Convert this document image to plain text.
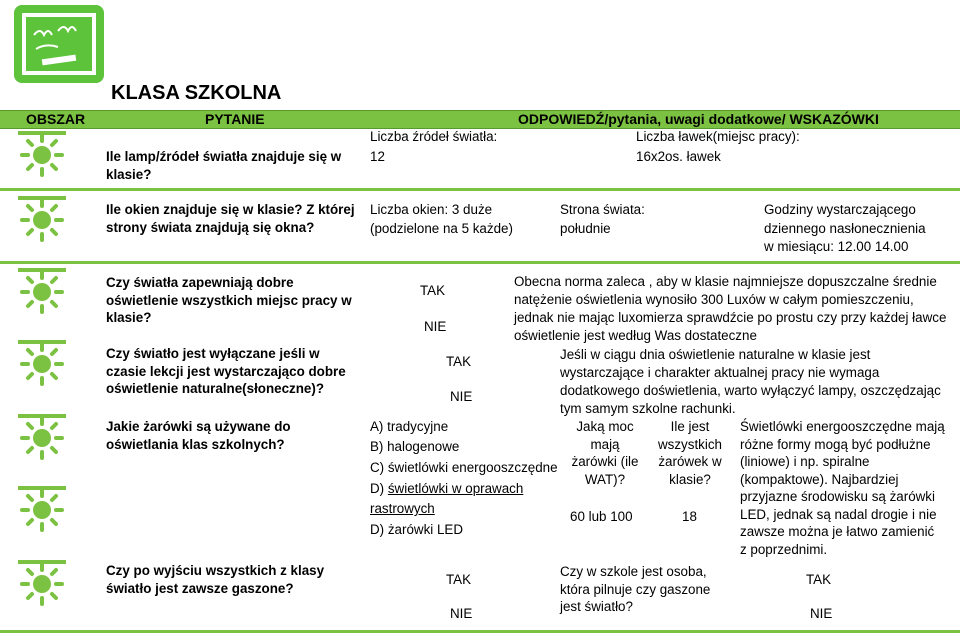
KLASA SZKOLNA
OBSZAR	PYTANIE	ODPOWIEDŹ/pytania, uwagi dodatkowe/ WSKAZÓWKI
Ile lamp/źródeł światła znajduje się w klasie?
Liczba źródeł światła:
12
Liczba ławek(miejsc pracy):
16x2os. ławek
Ile okien znajduje się w klasie? Z której strony świata znajdują się okna?
Liczba okien: 3 duże
(podzielone na 5 każde)
Strona świata:
południe
Godziny wystarczającego
dziennego nasłonecznienia
w miesiącu: 12.00 14.00
Czy światła zapewniają dobre oświetlenie wszystkich miejsc pracy w klasie?
Czy światło jest wyłączane jeśli w czasie lekcji jest wystarczająco dobre oświetlenie naturalne(słoneczne)?
Jakie żarówki są używane do oświetlania klas szkolnych?
Czy po wyjściu wszystkich z klasy światło jest zawsze gaszone?
TAK
NIE
TAK
NIE
TAK
NIE
A) tradycyjne
B) halogenowe
C) świetlówki energooszczędne
D) świetlówki w oprawach
rastrowych
D) żarówki LED
Obecna norma zaleca , aby w klasie najmniejsze dopuszczalne średnie
natężenie oświetlenia wynosiło 300 Luxów w całym pomieszczeniu,
jednak nie mając luxomierza sprawdźcie po prostu czy przy każdej ławce
oświetlenie jest według Was dostateczne
Jeśli w ciągu dnia oświetlenie naturalne w klasie jest
wystarczające i charakter aktualnej pracy nie wymaga
dodatkowego doświetlenia, warto wyłączyć lampy, oszczędzając
tym samym szkolne rachunki.
Jaką moc
mają
żarówki (ile
WAT)?
60 lub 100
Ile jest
wszystkich
żarówek w
klasie?
18
Świetlówki energooszczędne mają
różne formy mogą być podłużne
(liniowe) i np. spiralne
(kompaktowe). Najbardziej
przyjazne środowisku są żarówki
LED, jednak są nadal drogie i nie
zawsze można je łatwo zamienić
z poprzednimi.
TAK
NIE
Czy w szkole jest osoba,
która pilnuje czy gaszone
jest światło?
